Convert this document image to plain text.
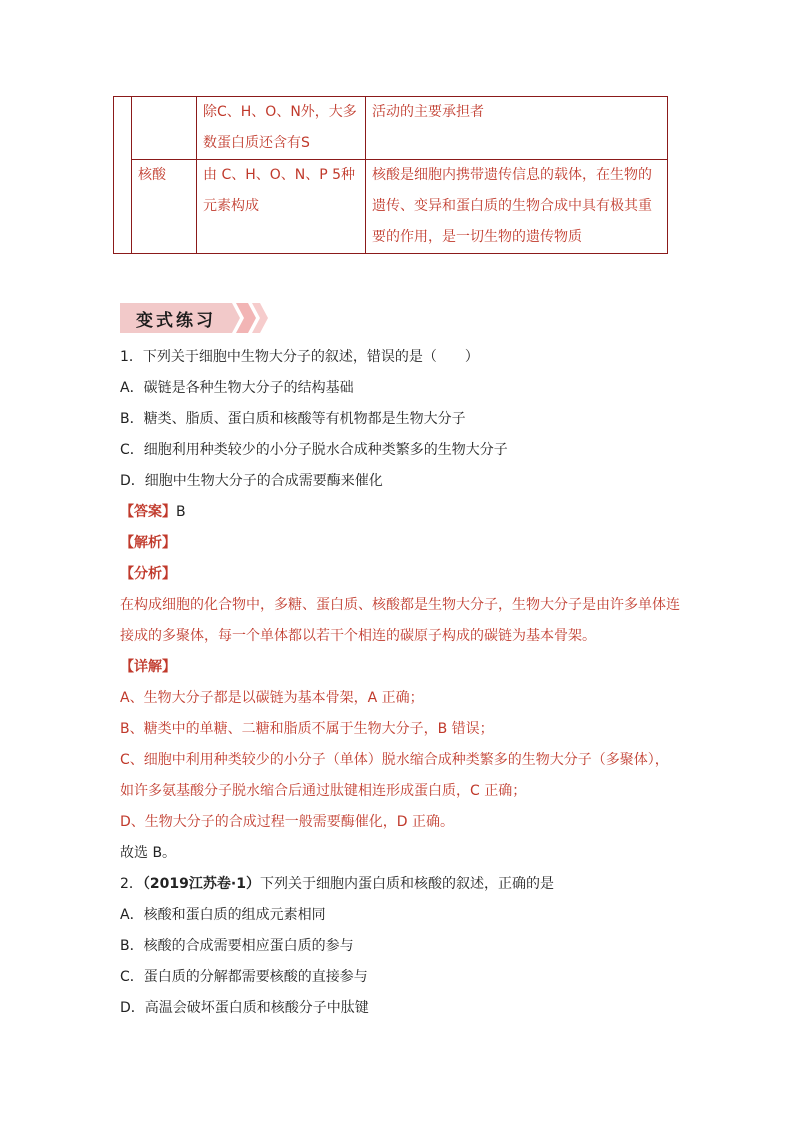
		除C、H、O、N外，大多数蛋白质还含有S	活动的主要承担者
	核酸	由 C、H、O、N、P 5种元素构成	核酸是细胞内携带遗传信息的载体，在生物的遗传、变异和蛋白质的生物合成中具有极其重要的作用，是一切生物的遗传物质
变式练习
1．下列关于细胞中生物大分子的叙述，错误的是（　　）
A．碳链是各种生物大分子的结构基础
B．糖类、脂质、蛋白质和核酸等有机物都是生物大分子
C．细胞利用种类较少的小分子脱水合成种类繁多的生物大分子
D．细胞中生物大分子的合成需要酶来催化
【答案】B
【解析】
【分析】
在构成细胞的化合物中，多糖、蛋白质、核酸都是生物大分子，生物大分子是由许多单体连
接成的多聚体，每一个单体都以若干个相连的碳原子构成的碳链为基本骨架。
【详解】
A、生物大分子都是以碳链为基本骨架，A 正确；
B、糖类中的单糖、二糖和脂质不属于生物大分子，B 错误；
C、细胞中利用种类较少的小分子（单体）脱水缩合成种类繁多的生物大分子（多聚体），
如许多氨基酸分子脱水缩合后通过肽键相连形成蛋白质，C 正确；
D、生物大分子的合成过程一般需要酶催化，D 正确。
故选 B。
2．（2019江苏卷·1）下列关于细胞内蛋白质和核酸的叙述，正确的是
A．核酸和蛋白质的组成元素相同
B．核酸的合成需要相应蛋白质的参与
C．蛋白质的分解都需要核酸的直接参与
D．高温会破坏蛋白质和核酸分子中肽键
